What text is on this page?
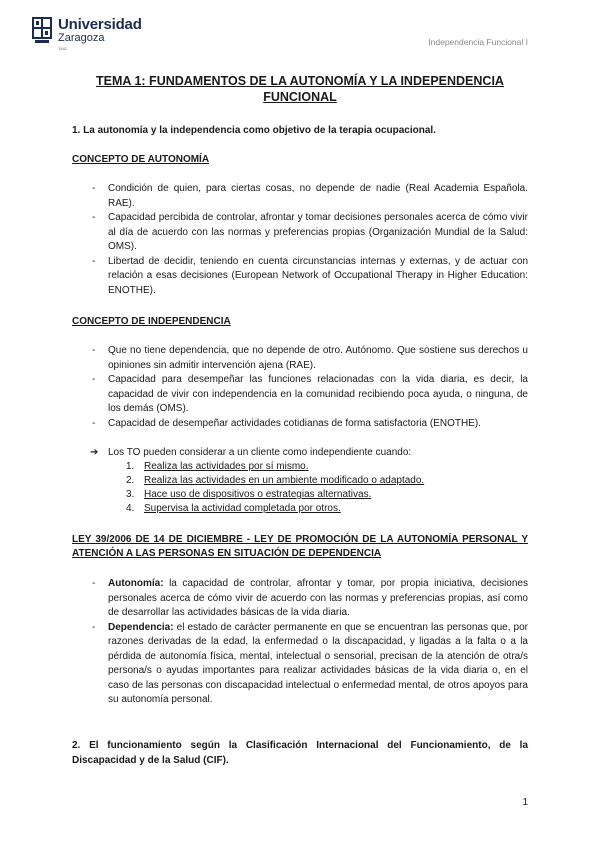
Universidad
Zaragoza
1542
Independencia Funcional I
TEMA 1: FUNDAMENTOS DE LA AUTONOMÍA Y LA INDEPENDENCIA FUNCIONAL

1. La autonomía y la independencia como objetivo de la terapia ocupacional.

CONCEPTO DE AUTONOMÍA

- Condición de quien, para ciertas cosas, no depende de nadie (Real Academia Española. RAE).
- Capacidad percibida de controlar, afrontar y tomar decisiones personales acerca de cómo vivir al día de acuerdo con las normas y preferencias propias (Organización Mundial de la Salud: OMS).
- Libertad de decidir, teniendo en cuenta circunstancias internas y externas, y de actuar con relación a esas decisiones (European Network of Occupational Therapy in Higher Education: ENOTHE).

CONCEPTO DE INDEPENDENCIA

- Que no tiene dependencia, que no depende de otro. Autónomo. Que sostiene sus derechos u opiniones sin admitir intervención ajena (RAE).
- Capacidad para desempeñar las funciones relacionadas con la vida diaria, es decir, la capacidad de vivir con independencia en la comunidad recibiendo poca ayuda, o ninguna, de los demás (OMS).
- Capacidad de desempeñar actividades cotidianas de forma satisfactoria (ENOTHE).
➔ Los TO pueden considerar a un cliente como independiente cuando:
1. Realiza las actividades por sí mismo.
2. Realiza las actividades en un ambiente modificado o adaptado.
3. Hace uso de dispositivos o estrategias alternativas.
4. Supervisa la actividad completada por otros.

LEY 39/2006 DE 14 DE DICIEMBRE - LEY DE PROMOCIÓN DE LA AUTONOMÍA PERSONAL Y ATENCIÓN A LAS PERSONAS EN SITUACIÓN DE DEPENDENCIA

- Autonomía: la capacidad de controlar, afrontar y tomar, por propia iniciativa, decisiones personales acerca de cómo vivir de acuerdo con las normas y preferencias propias, así como de desarrollar las actividades básicas de la vida diaria.
- Dependencia: el estado de carácter permanente en que se encuentran las personas que, por razones derivadas de la edad, la enfermedad o la discapacidad, y ligadas a la falta o a la pérdida de autonomía física, mental, intelectual o sensorial, precisan de la atención de otra/s persona/s o ayudas importantes para realizar actividades básicas de la vida diaria o, en el caso de las personas con discapacidad intelectual o enfermedad mental, de otros apoyos para su autonomía personal.

2. El funcionamiento según la Clasificación Internacional del Funcionamiento, de la Discapacidad y de la Salud (CIF).

1
